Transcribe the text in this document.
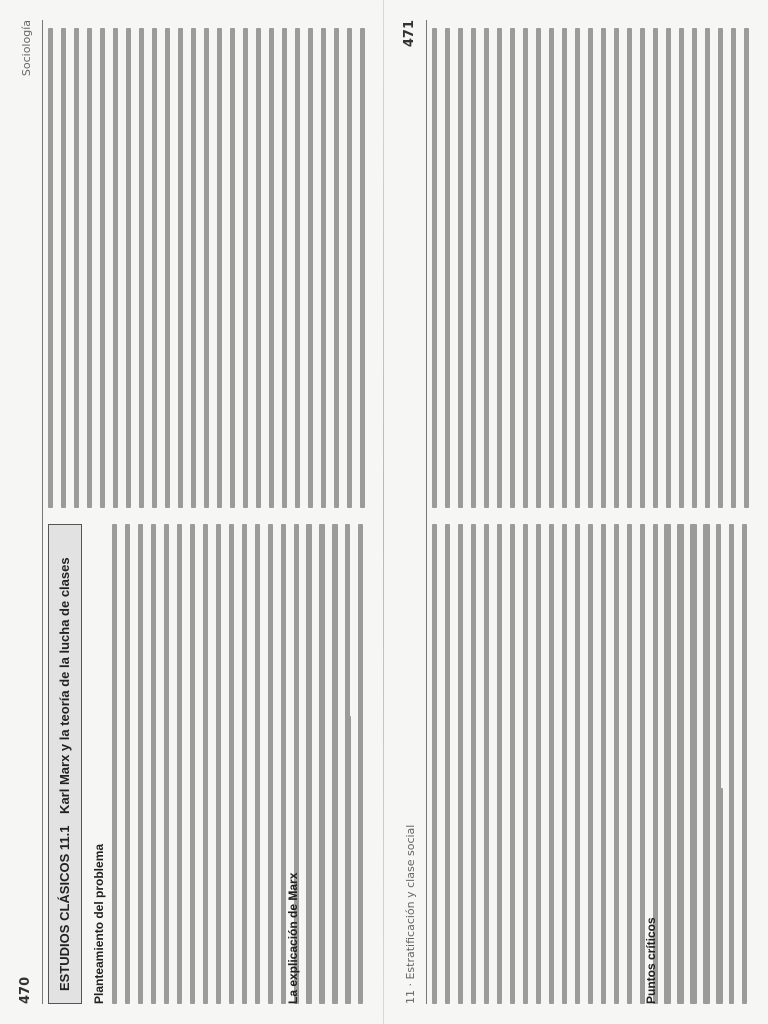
470
Sociología
ESTUDIOS CLÁSICOS 11.1 Karl Marx y la teoría de la lucha de clases
Planteamiento del problema	La explicación de Marx	11 · Estratificación y clase social
471
Puntos críticos
